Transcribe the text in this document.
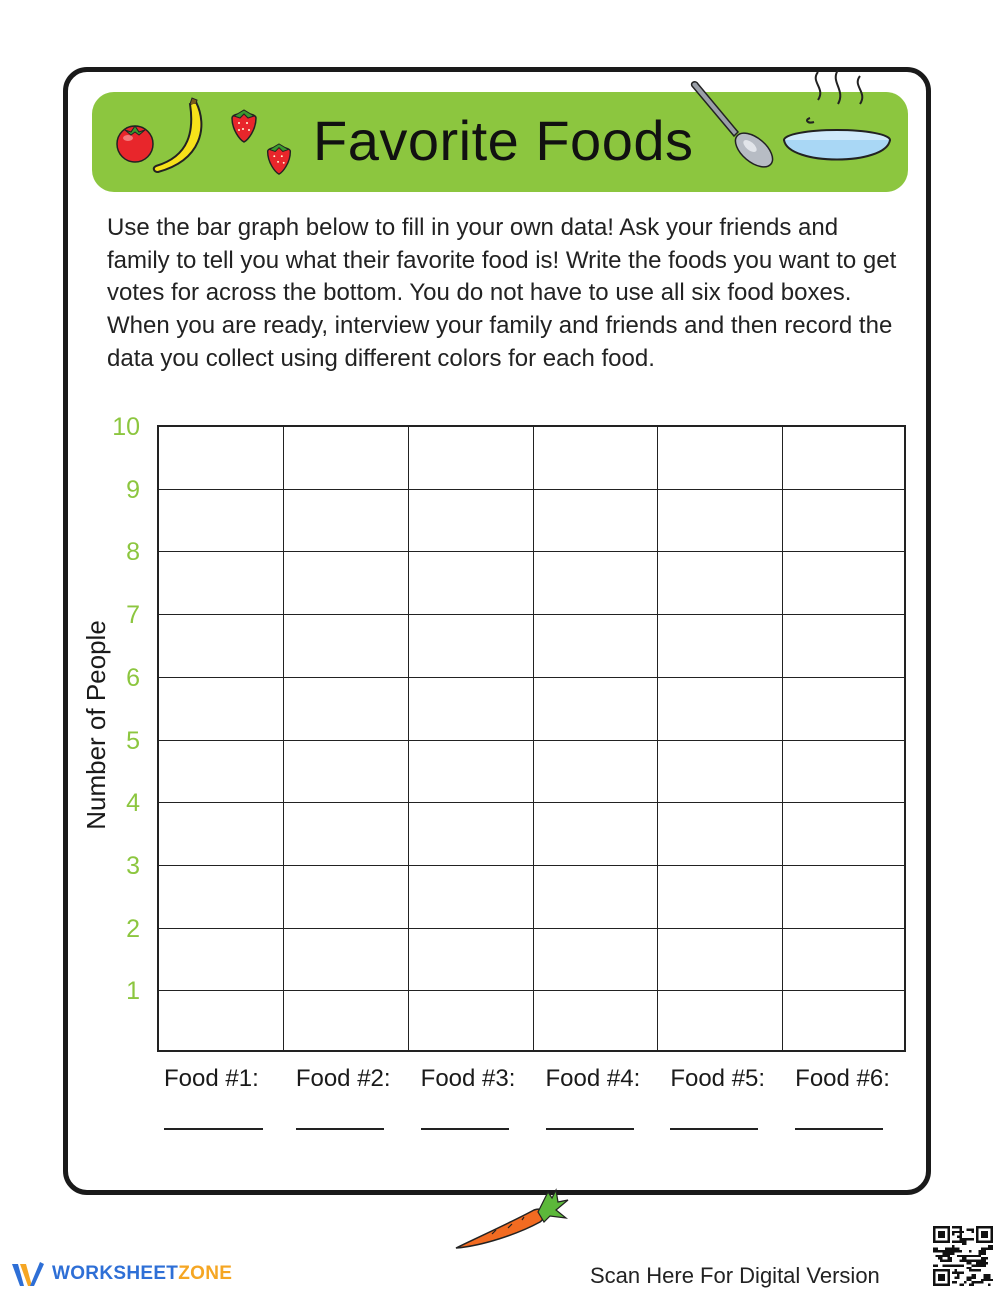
Favorite Foods
Use the bar graph below to fill in your own data! Ask your friends and family to tell you what their favorite food is! Write the foods you want to get votes for across the bottom. You do not have to use all six food boxes. When you are ready, interview your family and friends and then record the data you collect using different colors for each food.
Number of People
10
9
8
7
6
5
4
3
2
1
Food #1: Food #2: Food #3: Food #4: Food #5: Food #6:
WORKSHEETZONE	Scan Here For Digital Version
